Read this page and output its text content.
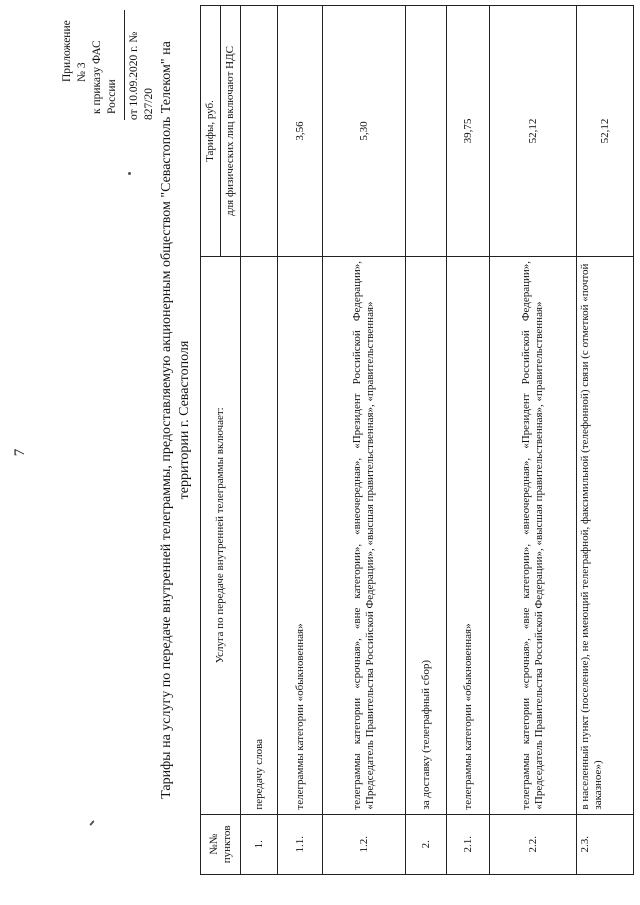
7
Приложение № 3 к приказу ФАС России от 10.09.2020 г. № 827/20 Тарифы на услугу по передаче внутренней телеграммы, предоставляемую акционерным обществом "Севастополь Телеком" на территории г. Севастополя
№№ пунктов	Услуга по передаче внутренней телеграммы включает:	Тарифы, руб.
		для физических лиц включают НДС
1.	передачу слова	
1.1.	телеграммы категории «обыкновенная»	3,56
1.2.	телеграммы категории «срочная», «вне категории», «внеочередная», «Президент Российской Федерации», «Председатель Правительства Российской Федерации», «высшая правительственная», «правительственная»	5,30
2.	за доставку (телеграфный сбор)	
2.1.	телеграммы категории «обыкновенная»	39,75
2.2.	телеграммы категории «срочная», «вне категории», «внеочередная», «Президент Российской Федерации», «Председатель Правительства Российской Федерации», «высшая правительственная», «правительственная»	52,12
2.3.	в населенный пункт (поселение), не имеющий телеграфной, факсимильной (телефонной) связи (с отметкой «почтой заказное»)	52,12
